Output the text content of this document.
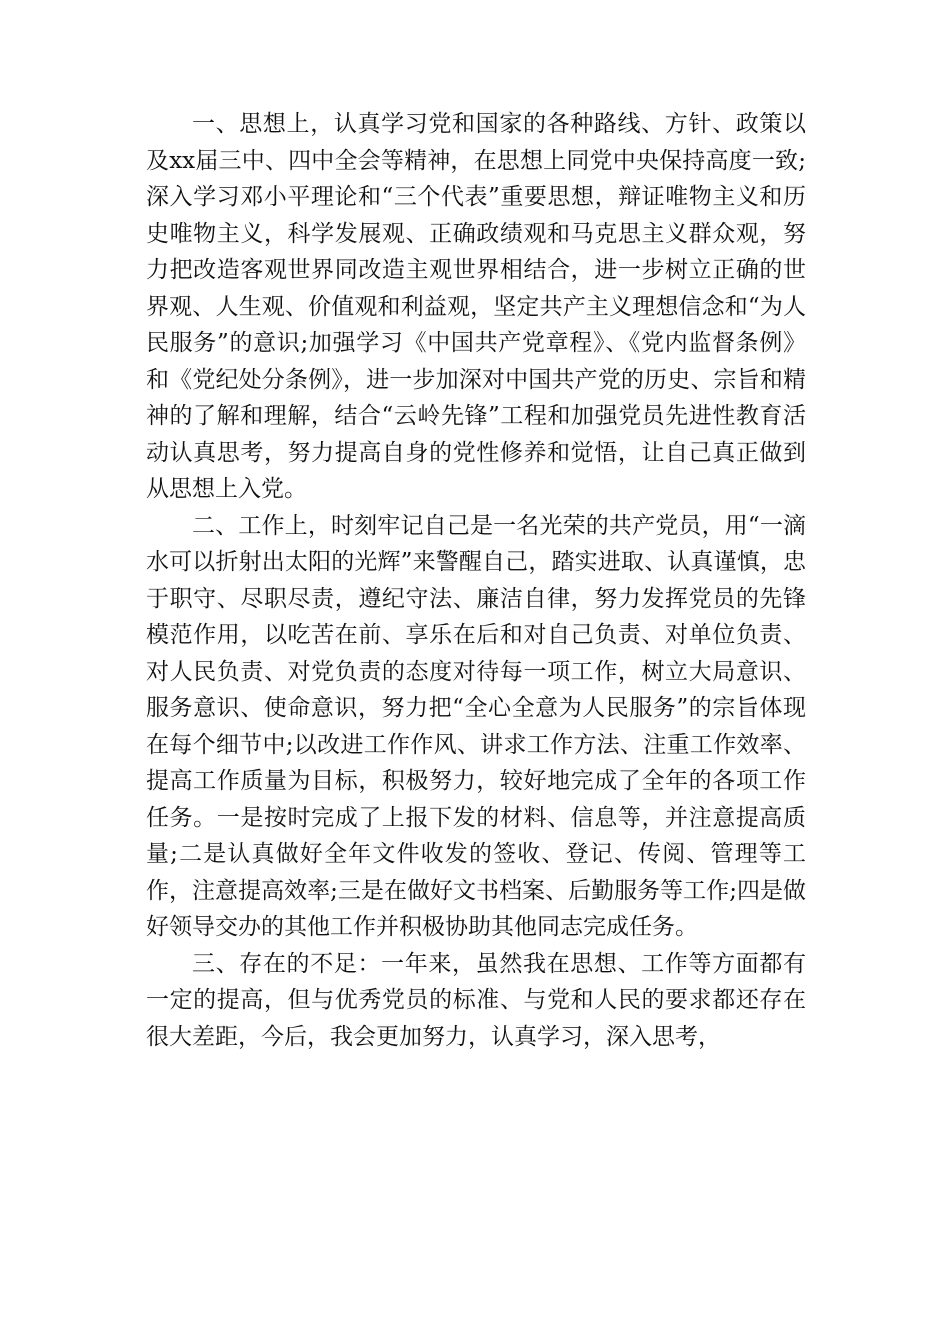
一、思想上，认真学习党和国家的各种路线、方针、政策以及xx届三中、四中全会等精神，在思想上同党中央保持高度一致;深入学习邓小平理论和“三个代表”重要思想，辩证唯物主义和历史唯物主义，科学发展观、正确政绩观和马克思主义群众观，努力把改造客观世界同改造主观世界相结合，进一步树立正确的世界观、人生观、价值观和利益观，坚定共产主义理想信念和“为人民服务”的意识;加强学习《中国共产党章程》、《党内监督条例》和《党纪处分条例》，进一步加深对中国共产党的历史、宗旨和精神的了解和理解，结合“云岭先锋”工程和加强党员先进性教育活动认真思考，努力提高自身的党性修养和觉悟，让自己真正做到从思想上入党。

二、工作上，时刻牢记自己是一名光荣的共产党员，用“一滴水可以折射出太阳的光辉”来警醒自己，踏实进取、认真谨慎，忠于职守、尽职尽责，遵纪守法、廉洁自律，努力发挥党员的先锋模范作用，以吃苦在前、享乐在后和对自己负责、对单位负责、对人民负责、对党负责的态度对待每一项工作，树立大局意识、服务意识、使命意识，努力把“全心全意为人民服务”的宗旨体现在每个细节中;以改进工作作风、讲求工作方法、注重工作效率、提高工作质量为目标，积极努力，较好地完成了全年的各项工作任务。一是按时完成了上报下发的材料、信息等，并注意提高质量;二是认真做好全年文件收发的签收、登记、传阅、管理等工作，注意提高效率;三是在做好文书档案、后勤服务等工作;四是做好领导交办的其他工作并积极协助其他同志完成任务。

三、存在的不足：一年来，虽然我在思想、工作等方面都有一定的提高，但与优秀党员的标准、与党和人民的要求都还存在很大差距，今后，我会更加努力，认真学习，深入思考，
